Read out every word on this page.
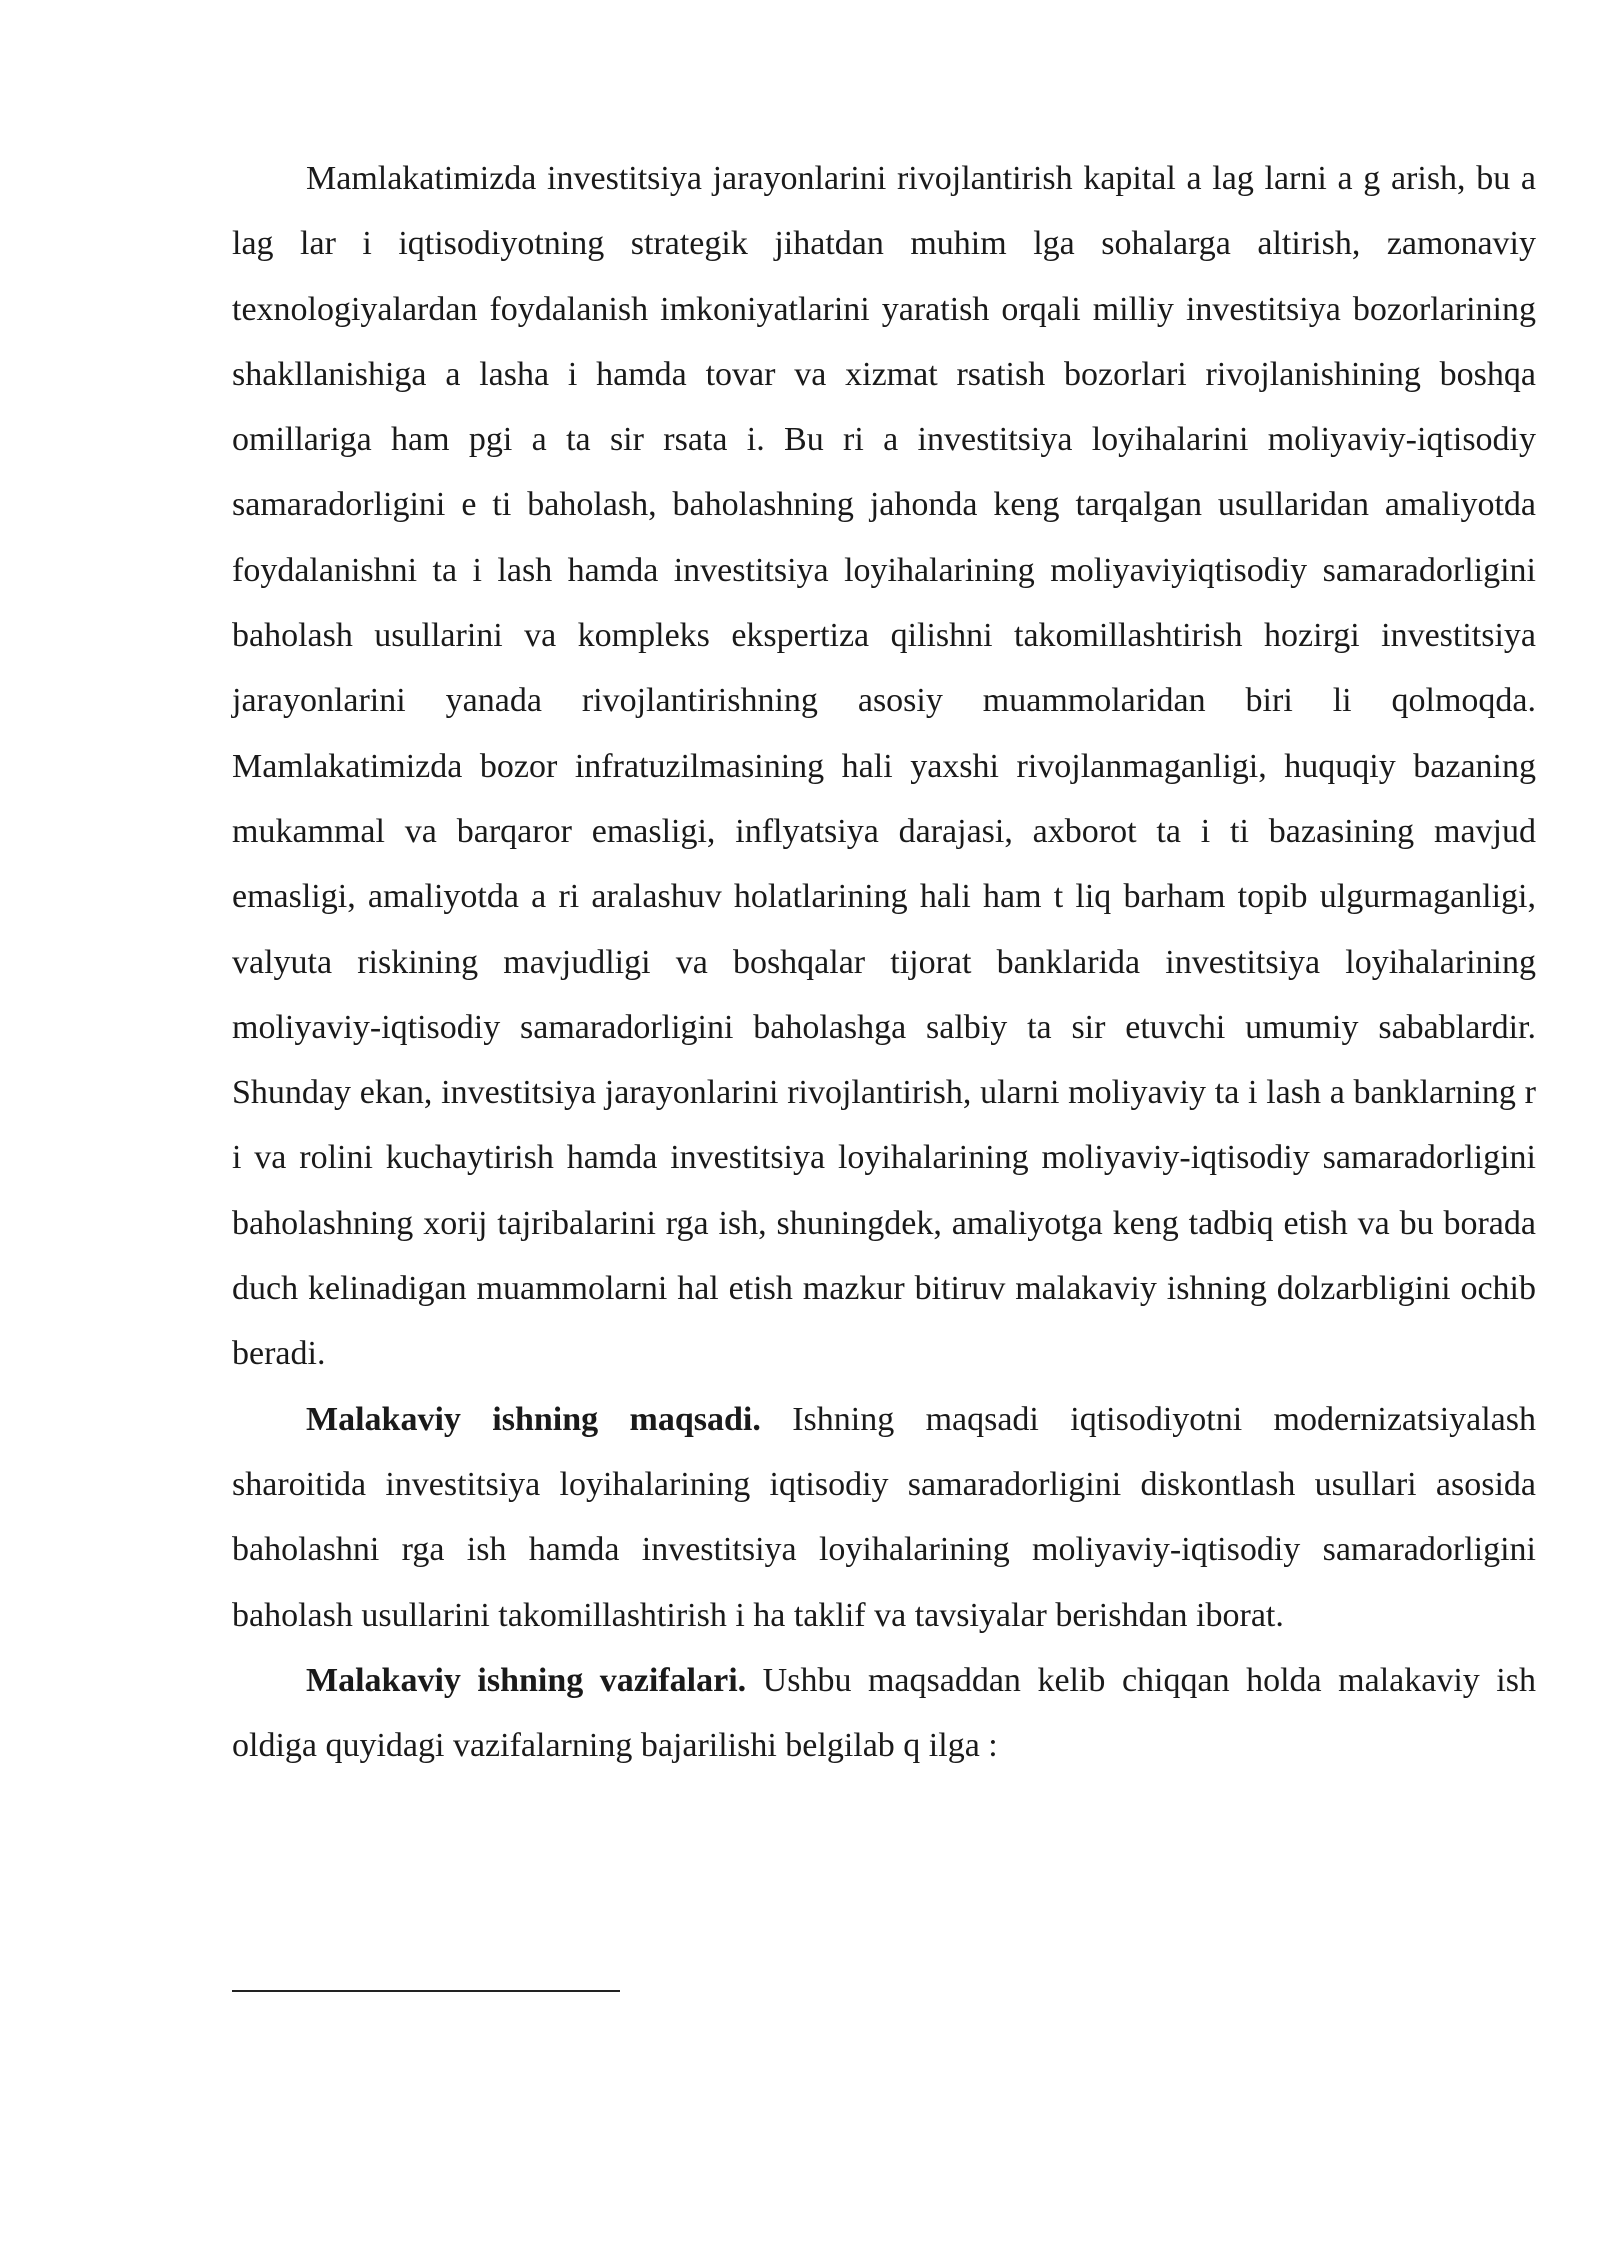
Mamlakatimizda investitsiya jarayonlarini rivojlantirish kapital a lag larni a g arish, bu a lag lar i iqtisodiyotning strategik jihatdan muhim lga sohalarga altirish, zamonaviy texnologiyalardan foydalanish imkoniyatlarini yaratish orqali milliy investitsiya bozorlarining shakllanishiga a lasha i hamda tovar va xizmat rsatish bozorlari rivojlanishining boshqa omillariga ham pgi a ta sir rsata i. Bu ri a investitsiya loyihalarini moliyaviy-iqtisodiy samaradorligini e ti baholash, baholashning jahonda keng tarqalgan usullaridan amaliyotda foydalanishni ta i lash hamda investitsiya loyihalarining moliyaviyiqtisodiy samaradorligini baholash usullarini va kompleks ekspertiza qilishni takomillashtirish hozirgi investitsiya jarayonlarini yanada rivojlantirishning asosiy muammolaridan biri li qolmoqda. Mamlakatimizda bozor infratuzilmasining hali yaxshi rivojlanmaganligi, huquqiy bazaning mukammal va barqaror emasligi, inflyatsiya darajasi, axborot ta i ti bazasining mavjud emasligi, amaliyotda a ri aralashuv holatlarining hali ham t liq barham topib ulgurmaganligi, valyuta riskining mavjudligi va boshqalar tijorat banklarida investitsiya loyihalarining moliyaviy-iqtisodiy samaradorligini baholashga salbiy ta sir etuvchi umumiy sabablardir. Shunday ekan, investitsiya jarayonlarini rivojlantirish, ularni moliyaviy ta i lash a banklarning r i va rolini kuchaytirish hamda investitsiya loyihalarining moliyaviy-iqtisodiy samaradorligini baholashning xorij tajribalarini rga ish, shuningdek, amaliyotga keng tadbiq etish va bu borada duch kelinadigan muammolarni hal etish mazkur bitiruv malakaviy ishning dolzarbligini ochib beradi.

Malakaviy ishning maqsadi. Ishning maqsadi iqtisodiyotni modernizatsiyalash sharoitida investitsiya loyihalarining iqtisodiy samaradorligini diskontlash usullari asosida baholashni rga ish hamda investitsiya loyihalarining moliyaviy-iqtisodiy samaradorligini baholash usullarini takomillashtirish i ha taklif va tavsiyalar berishdan iborat.

Malakaviy ishning vazifalari. Ushbu maqsaddan kelib chiqqan holda malakaviy ish oldiga quyidagi vazifalarning bajarilishi belgilab q ilga :
